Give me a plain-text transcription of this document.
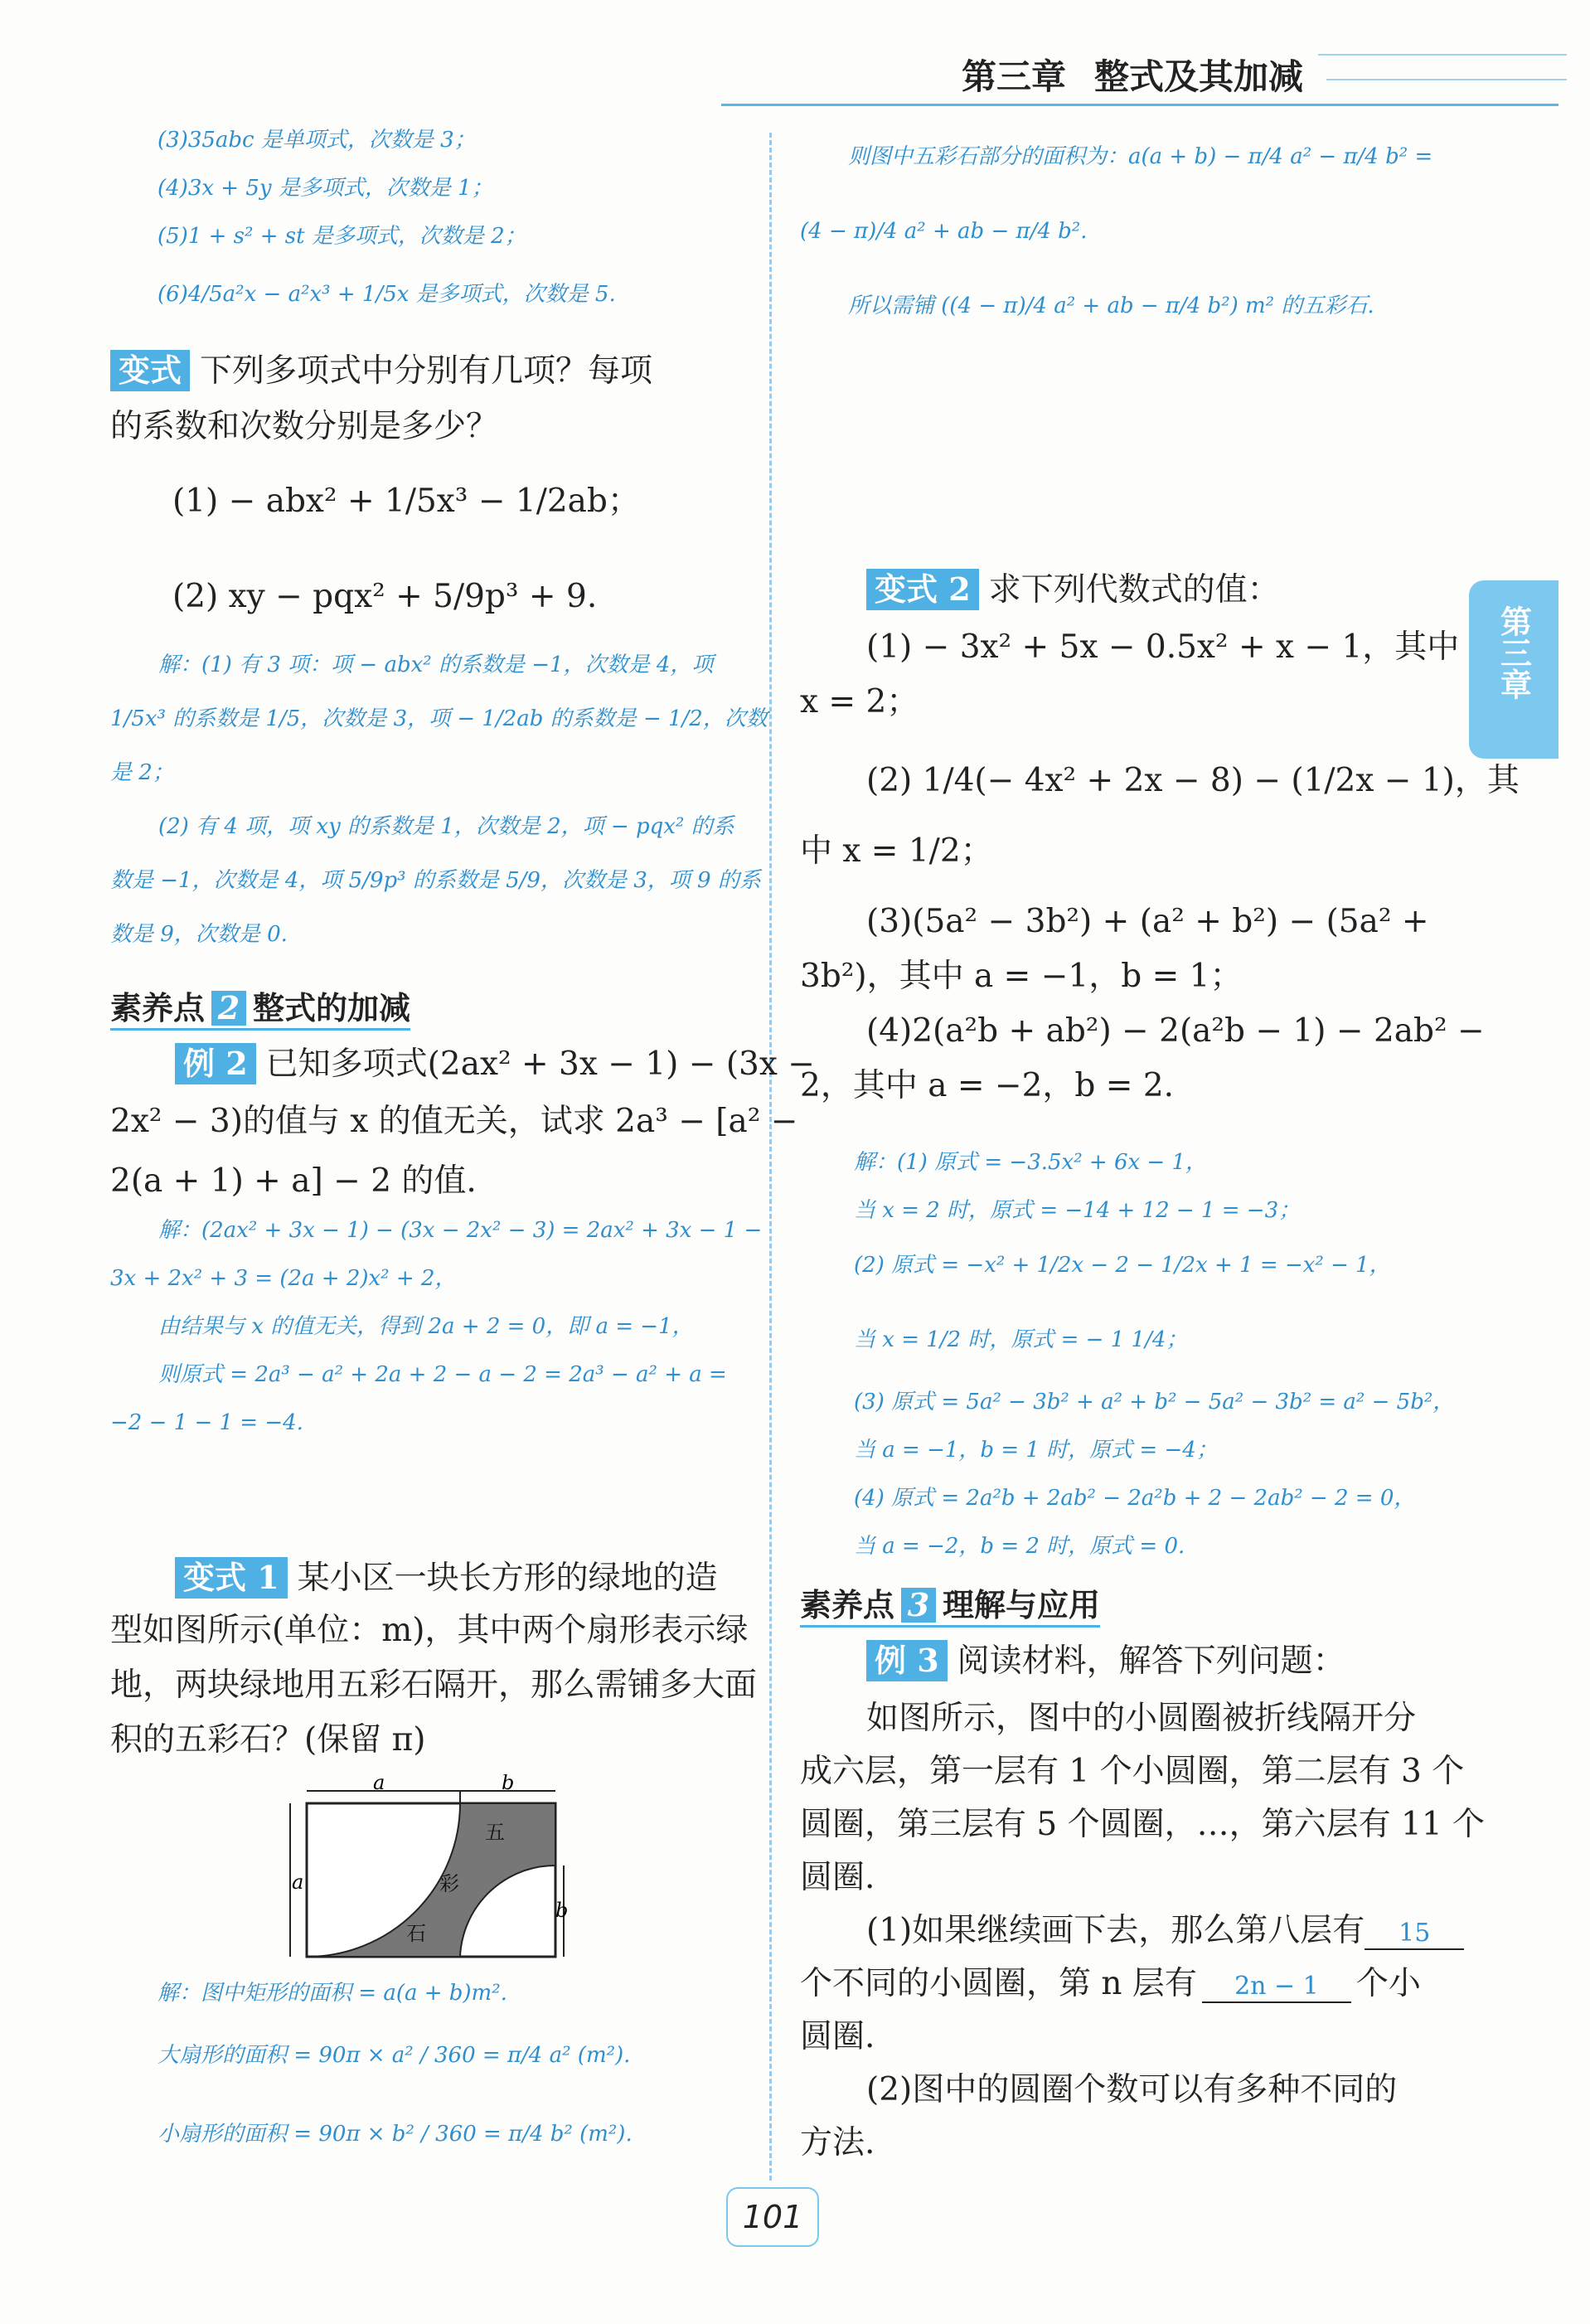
第三章 整式及其加减
第三章
(3)35abc 是单项式，次数是 3；
(4)3x + 5y 是多项式，次数是 1；
(5)1 + s² + st 是多项式，次数是 2；
(6)4/5a²x − a²x³ + 1/5x 是多项式，次数是 5.
变式 下列多项式中分别有几项？每项
的系数和次数分别是多少？
(1) − abx² + 1/5x³ − 1/2ab；
(2) xy − pqx² + 5/9p³ + 9.
解：(1) 有 3 项：项 − abx² 的系数是 −1，次数是 4，项
1/5x³ 的系数是 1/5，次数是 3，项 − 1/2ab 的系数是 − 1/2，次数
是 2；
(2) 有 4 项，项 xy 的系数是 1，次数是 2，项 − pqx² 的系
数是 −1，次数是 4，项 5/9p³ 的系数是 5/9，次数是 3，项 9 的系
数是 9，次数是 0.
素养点 2 整式的加减
例 2 已知多项式(2ax² + 3x − 1) − (3x −
2x² − 3)的值与 x 的值无关，试求 2a³ − [a² −
2(a + 1) + a] − 2 的值.
解：(2ax² + 3x − 1) − (3x − 2x² − 3) = 2ax² + 3x − 1 −
3x + 2x² + 3 = (2a + 2)x² + 2，
由结果与 x 的值无关，得到 2a + 2 = 0，即 a = −1，
则原式 = 2a³ − a² + 2a + 2 − a − 2 = 2a³ − a² + a =
−2 − 1 − 1 = −4.
变式 1 某小区一块长方形的绿地的造
型如图所示(单位：m)，其中两个扇形表示绿
地，两块绿地用五彩石隔开，那么需铺多大面
积的五彩石？(保留 π)
a	b
a
b
五
彩
石
解：图中矩形的面积 = a(a + b)m².
大扇形的面积 = 90π × a² / 360 = π/4 a² (m²).
小扇形的面积 = 90π × b² / 360 = π/4 b² (m²).
则图中五彩石部分的面积为：a(a + b) − π/4 a² − π/4 b² =
(4 − π)/4 a² + ab − π/4 b².
所以需铺 ((4 − π)/4 a² + ab − π/4 b²) m² 的五彩石.
变式 2 求下列代数式的值：
(1) − 3x² + 5x − 0.5x² + x − 1，其中
x = 2；
(2) 1/4(− 4x² + 2x − 8) − (1/2x − 1)，其
中 x = 1/2；
(3)(5a² − 3b²) + (a² + b²) − (5a² +
3b²)，其中 a = −1，b = 1；
(4)2(a²b + ab²) − 2(a²b − 1) − 2ab² −
2，其中 a = −2，b = 2.
解：(1) 原式 = −3.5x² + 6x − 1，
当 x = 2 时，原式 = −14 + 12 − 1 = −3；
(2) 原式 = −x² + 1/2x − 2 − 1/2x + 1 = −x² − 1，
当 x = 1/2 时，原式 = − 1 1/4；
(3) 原式 = 5a² − 3b² + a² + b² − 5a² − 3b² = a² − 5b²，
当 a = −1，b = 1 时，原式 = −4；
(4) 原式 = 2a²b + 2ab² − 2a²b + 2 − 2ab² − 2 = 0，
当 a = −2，b = 2 时，原式 = 0.
素养点 3 理解与应用
例 3 阅读材料，解答下列问题：
如图所示，图中的小圆圈被折线隔开分
成六层，第一层有 1 个小圆圈，第二层有 3 个
圆圈，第三层有 5 个圆圈，…，第六层有 11 个
圆圈.
(1)如果继续画下去，那么第八层有 15
个不同的小圆圈，第 n 层有 2n − 1 个小
圆圈.
(2)图中的圆圈个数可以有多种不同的
方法.
101
